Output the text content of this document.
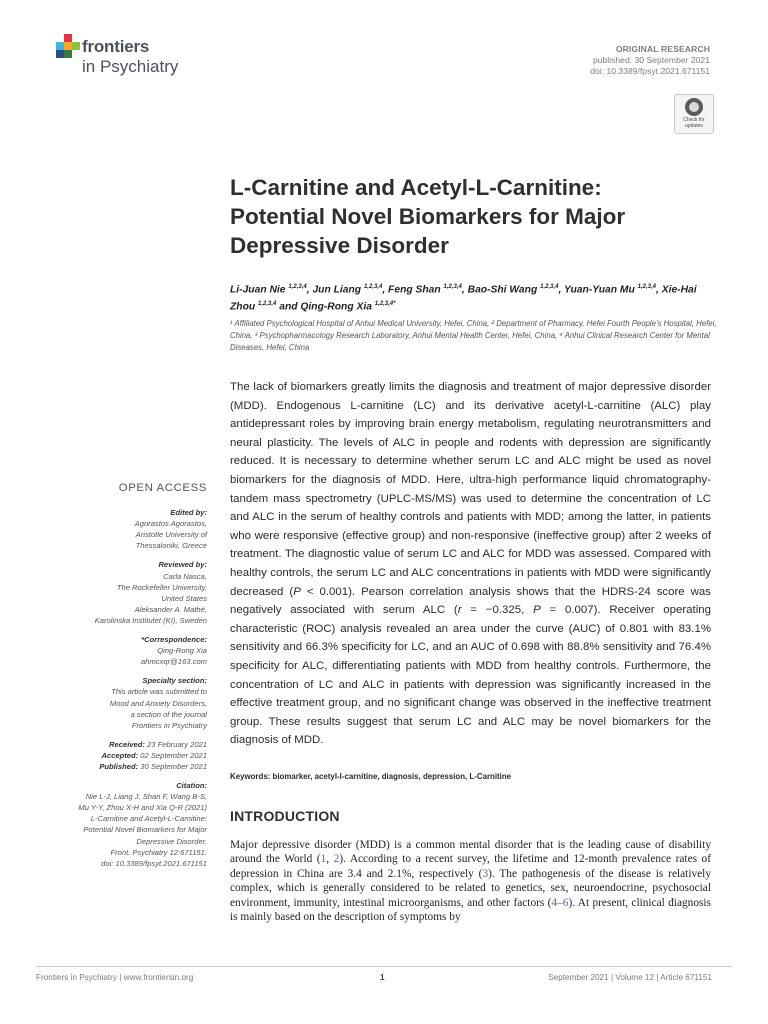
frontiers
in Psychiatry
ORIGINAL RESEARCH
published: 30 September 2021
doi: 10.3389/fpsyt.2021.671151
Check for
updates
L-Carnitine and Acetyl-L-Carnitine:
Potential Novel Biomarkers for Major
Depressive Disorder
Li-Juan Nie $^{1,2,3,4}$, Jun Liang $^{1,2,3,4}$, Feng Shan $^{1,2,3,4}$, Bao-Shi Wang $^{1,2,3,4}$, Yuan-Yuan Mu $^{1,2,3,4}$, Xie-Hai Zhou $^{1,2,3,4}$ and Qing-Rong Xia $^{1,2,3,4*}$
¹ Affiliated Psychological Hospital of Anhui Medical University, Hefei, China, ² Department of Pharmacy, Hefei Fourth People’s Hospital, Hefei, China, ³ Psychopharmacology Research Laboratory, Anhui Mental Health Center, Hefei, China, ⁴ Anhui Clinical Research Center for Mental Diseases, Hefei, China
The lack of biomarkers greatly limits the diagnosis and treatment of major depressive disorder (MDD). Endogenous L-carnitine (LC) and its derivative acetyl-L-carnitine (ALC) play antidepressant roles by improving brain energy metabolism, regulating neurotransmitters and neural plasticity. The levels of ALC in people and rodents with depression are significantly reduced. It is necessary to determine whether serum LC and ALC might be used as novel biomarkers for the diagnosis of MDD. Here, ultra-high performance liquid chromatography-tandem mass spectrometry (UPLC-MS/MS) was used to determine the concentration of LC and ALC in the serum of healthy controls and patients with MDD; among the latter, in patients who were responsive (effective group) and non-responsive (ineffective group) after 2 weeks of treatment. The diagnostic value of serum LC and ALC for MDD was assessed. Compared with healthy controls, the serum LC and ALC concentrations in patients with MDD were significantly decreased (P < 0.001). Pearson correlation analysis shows that the HDRS-24 score was negatively associated with serum ALC (r = −0.325, P = 0.007). Receiver operating characteristic (ROC) analysis revealed an area under the curve (AUC) of 0.801 with 83.1% sensitivity and 66.3% specificity for LC, and an AUC of 0.698 with 88.8% sensitivity and 76.4% specificity for ALC, differentiating patients with MDD from healthy controls. Furthermore, the concentration of LC and ALC in patients with depression was significantly increased in the effective treatment group, and no significant change was observed in the ineffective treatment group. These results suggest that serum LC and ALC may be novel biomarkers for the diagnosis of MDD.
Keywords: biomarker, acetyl-l-carnitine, diagnosis, depression, L-Carnitine
INTRODUCTION
Major depressive disorder (MDD) is a common mental disorder that is the leading cause of disability around the World (1, 2). According to a recent survey, the lifetime and 12-month prevalence rates of depression in China are 3.4 and 2.1%, respectively (3). The pathogenesis of the disease is relatively complex, which is generally considered to be related to genetics, sex, neuroendocrine, psychosocial environment, immunity, intestinal microorganisms, and other factors (4–6). At present, clinical diagnosis is mainly based on the description of symptoms by
OPEN ACCESS
Edited by:
Agorastos Agorastos,
Aristotle University of
Thessaloniki, Greece
Reviewed by:
Carla Nasca,
The Rockefeller University,
United States
Aleksander A. Mathé,
Karolinska Institutet (KI), Sweden
*Correspondence:
Qing-Rong Xia
ahmcxqr@163.com
Specialty section:
This article was submitted to
Mood and Anxiety Disorders,
a section of the journal
Frontiers in Psychiatry
Received: 23 February 2021
Accepted: 02 September 2021
Published: 30 September 2021
Citation:
Nie L-J, Liang J, Shan F, Wang B-S,
Mu Y-Y, Zhou X-H and Xia Q-R (2021)
L-Carnitine and Acetyl-L-Carnitine:
Potential Novel Biomarkers for Major
Depressive Disorder.
Front. Psychiatry 12:671151.
doi: 10.3389/fpsyt.2021.671151
Frontiers in Psychiatry | www.frontiersin.org	1	September 2021 | Volume 12 | Article 671151
